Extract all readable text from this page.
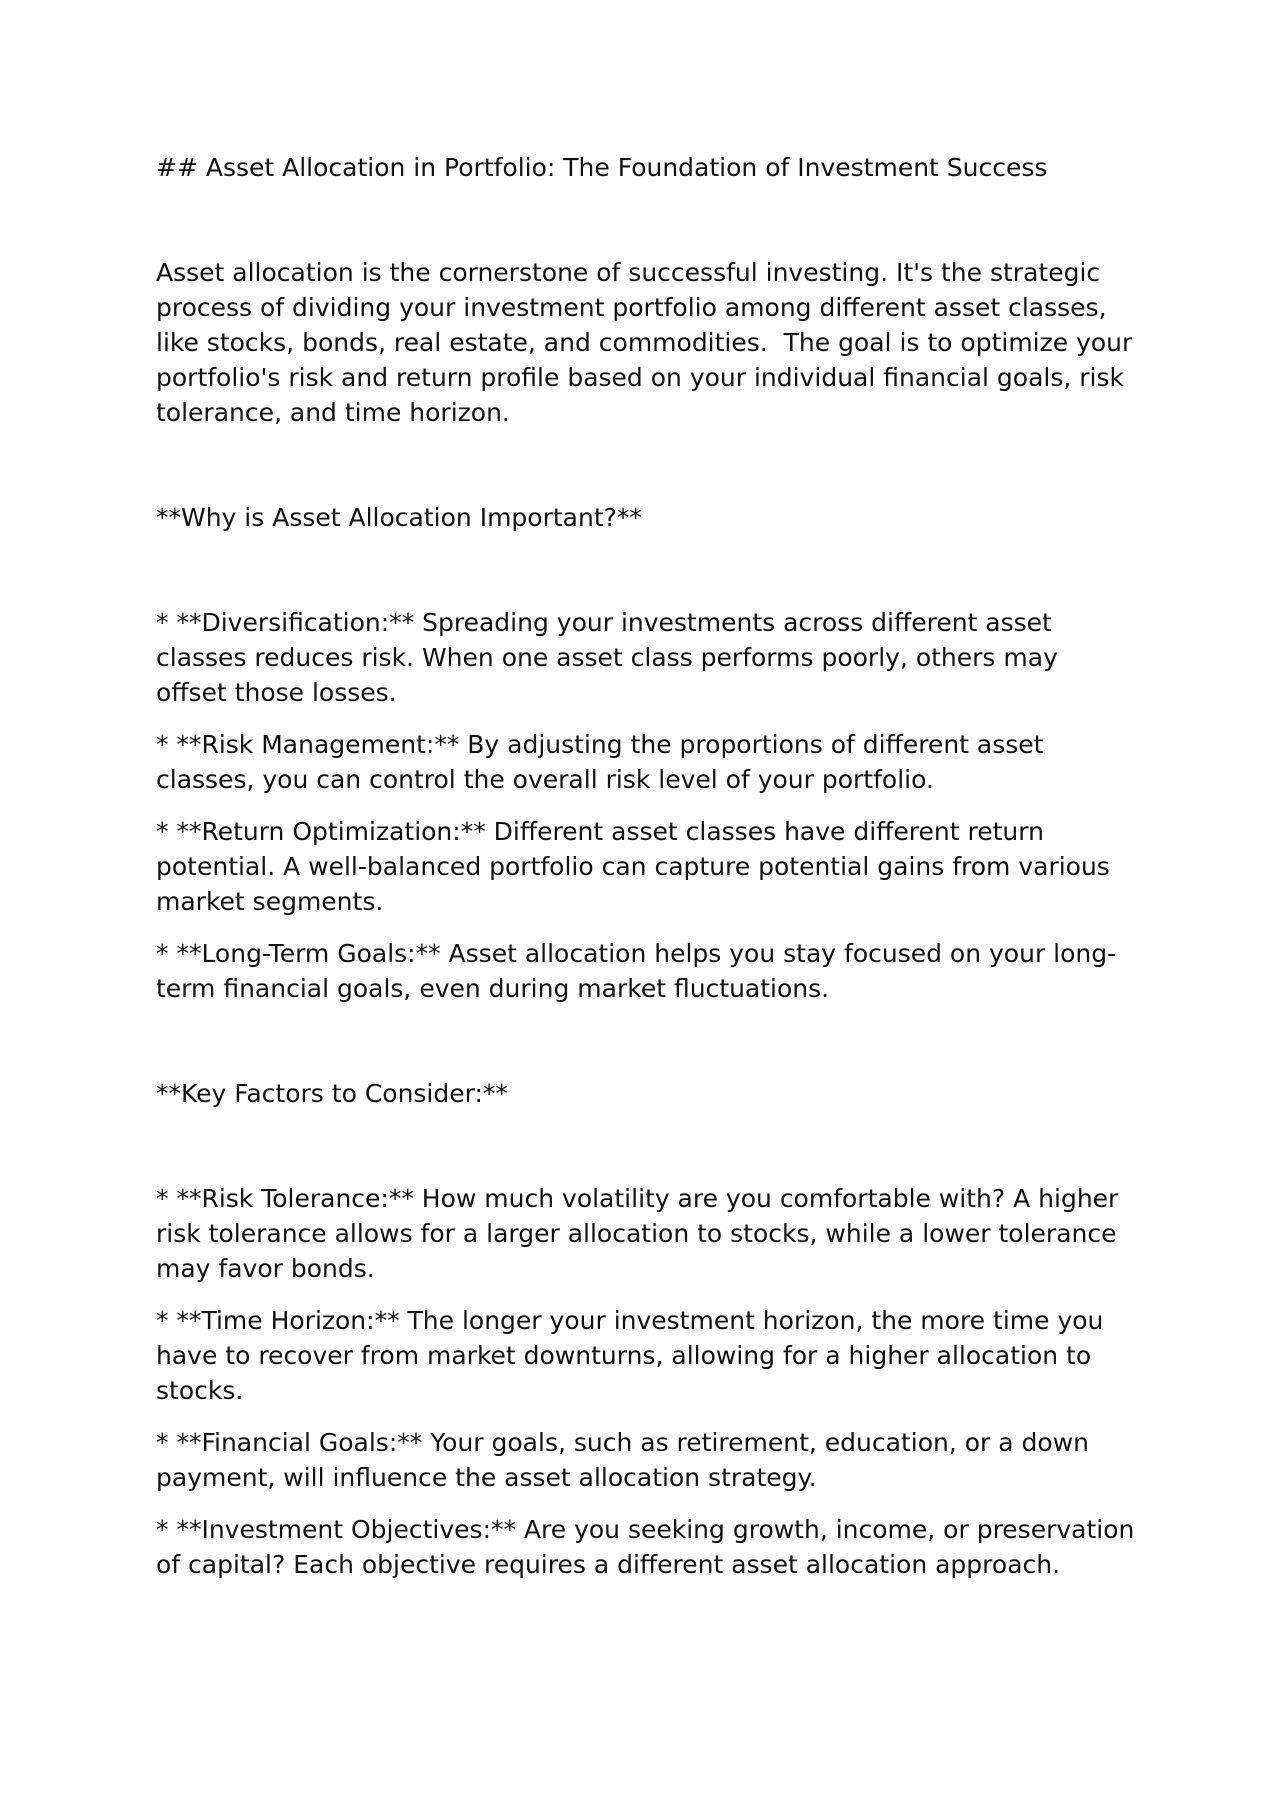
## Asset Allocation in Portfolio: The Foundation of Investment Success

Asset allocation is the cornerstone of successful investing. It's the strategic process of dividing your investment portfolio among different asset classes, like stocks, bonds, real estate, and commodities.  The goal is to optimize your portfolio's risk and return profile based on your individual financial goals, risk tolerance, and time horizon.

**Why is Asset Allocation Important?**

* **Diversification:** Spreading your investments across different asset classes reduces risk. When one asset class performs poorly, others may offset those losses.

* **Risk Management:** By adjusting the proportions of different asset classes, you can control the overall risk level of your portfolio.

* **Return Optimization:** Different asset classes have different return potential. A well-balanced portfolio can capture potential gains from various market segments.

* **Long-Term Goals:** Asset allocation helps you stay focused on your long-term financial goals, even during market fluctuations.

**Key Factors to Consider:**

* **Risk Tolerance:** How much volatility are you comfortable with? A higher risk tolerance allows for a larger allocation to stocks, while a lower tolerance may favor bonds.

* **Time Horizon:** The longer your investment horizon, the more time you have to recover from market downturns, allowing for a higher allocation to stocks.

* **Financial Goals:** Your goals, such as retirement, education, or a down payment, will influence the asset allocation strategy.

* **Investment Objectives:** Are you seeking growth, income, or preservation of capital? Each objective requires a different asset allocation approach.
